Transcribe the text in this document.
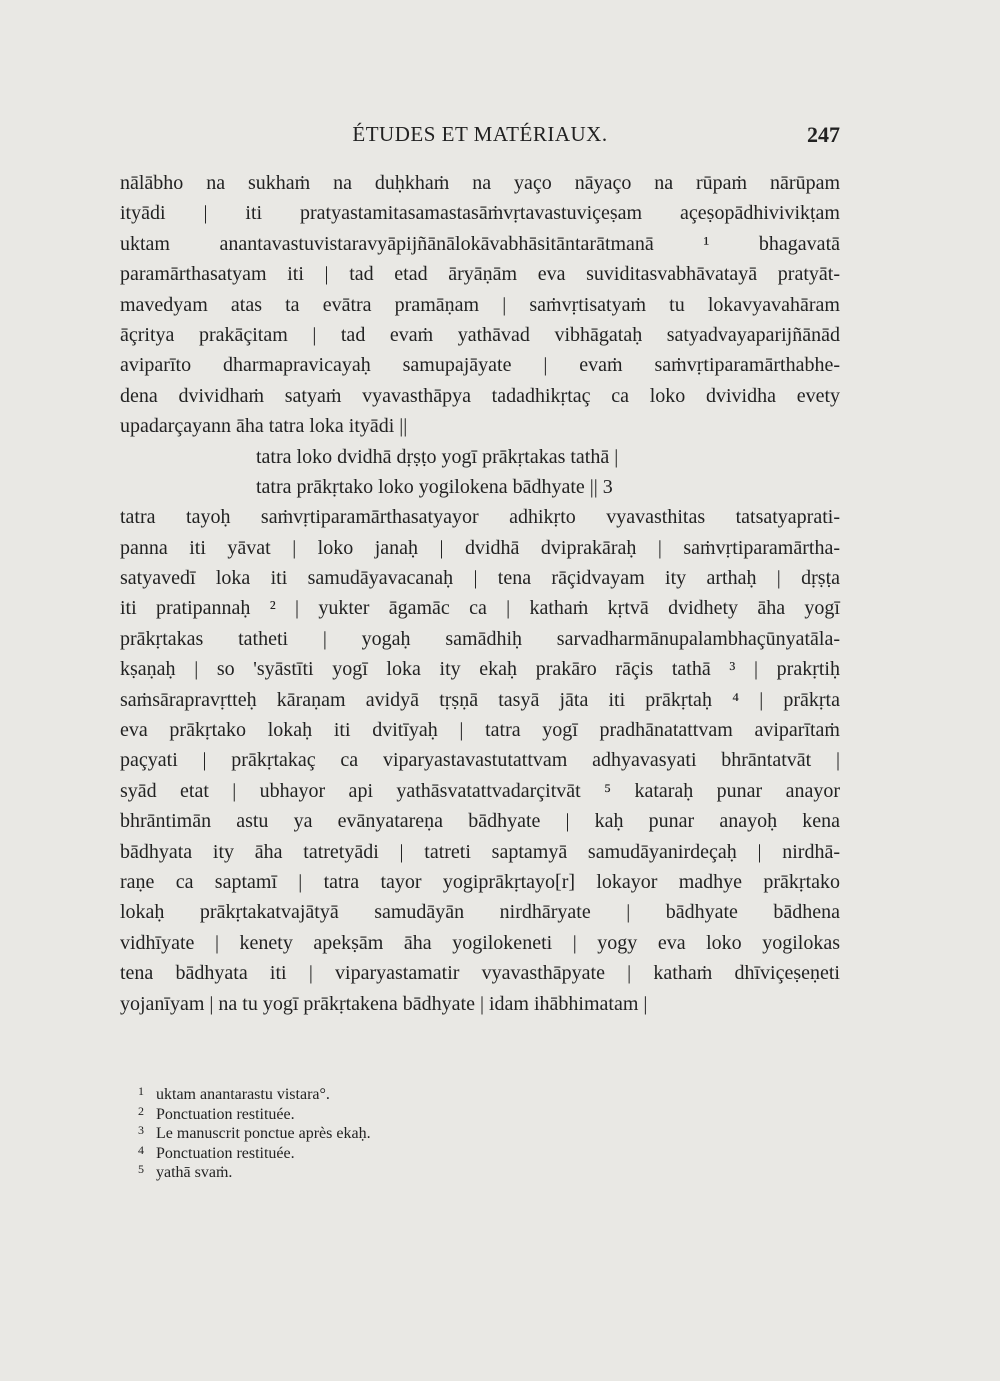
ÉTUDES ET MATÉRIAUX.	247
nālābho na sukhaṁ na duḥkhaṁ na yaço nāyaço na rūpaṁ nārūpam
ityādi | iti pratyastamitasamastasāṁvṛtavastuviçeṣam açeṣopādhivivikṭam
uktam anantavastuvistaravyāpijñānālokāvabhāsitāntarātmanā ¹ bhagavatā
paramārthasatyam iti | tad etad āryāṇām eva suviditasvabhāvatayā pratyāt-
mavedyam atas ta evātra pramāṇam | saṁvṛtisatyaṁ tu lokavyavahāram
āçritya prakāçitam | tad evaṁ yathāvad vibhāgataḥ satyadvayaparijñānād
aviparīto dharmapravicayaḥ samupajāyate | evaṁ saṁvṛtiparamārthabhe-
dena dvividhaṁ satyaṁ vyavasthāpya tadadhikṛtaç ca loko dvividha evety
upadarçayann āha tatra loka ityādi ||
tatra loko dvidhā dṛṣṭo yogī prākṛtakas tathā |
tatra prākṛtako loko yogilokena bādhyate || 3
tatra tayoḥ saṁvṛtiparamārthasatyayor adhikṛto vyavasthitas tatsatyaprati-
panna iti yāvat | loko janaḥ | dvidhā dviprakāraḥ | saṁvṛtiparamārtha-
satyavedī loka iti samudāyavacanaḥ | tena rāçidvayam ity arthaḥ | dṛṣṭa
iti pratipannaḥ ² | yukter āgamāc ca | kathaṁ kṛtvā dvidhety āha yogī
prākṛtakas tatheti | yogaḥ samādhiḥ sarvadharmānupalambhaçūnyatāla-
kṣaṇaḥ | so 'syāstīti yogī loka ity ekaḥ prakāro rāçis tathā ³ | prakṛtiḥ
saṁsārapravṛtteḥ kāraṇam avidyā tṛṣṇā tasyā jāta iti prākṛtaḥ ⁴ | prākṛta
eva prākṛtako lokaḥ iti dvitīyaḥ | tatra yogī pradhānatattvam aviparītaṁ
paçyati | prākṛtakaç ca viparyastavastutattvam adhyavasyati bhrāntatvāt |
syād etat | ubhayor api yathāsvatattvadarçitvāt ⁵ kataraḥ punar anayor
bhrāntimān astu ya evānyatareṇa bādhyate | kaḥ punar anayoḥ kena
bādhyata ity āha tatretyādi | tatreti saptamyā samudāyanirdeçaḥ | nirdhā-
raṇe ca saptamī | tatra tayor yogiprākṛtayo[r] lokayor madhye prākṛtako
lokaḥ prākṛtakatvajātyā samudāyān nirdhāryate | bādhyate bādhena
vidhīyate | kenety apekṣām āha yogilokeneti | yogy eva loko yogilokas
tena bādhyata iti | viparyastamatir vyavasthāpyate | kathaṁ dhīviçeṣeṇeti
yojanīyam | na tu yogī prākṛtakena bādhyate | idam ihābhimatam |
1 uktam anantarastu vistara°.
2 Ponctuation restituée.
3 Le manuscrit ponctue après ekaḥ.
4 Ponctuation restituée.
5 yathā svaṁ.
